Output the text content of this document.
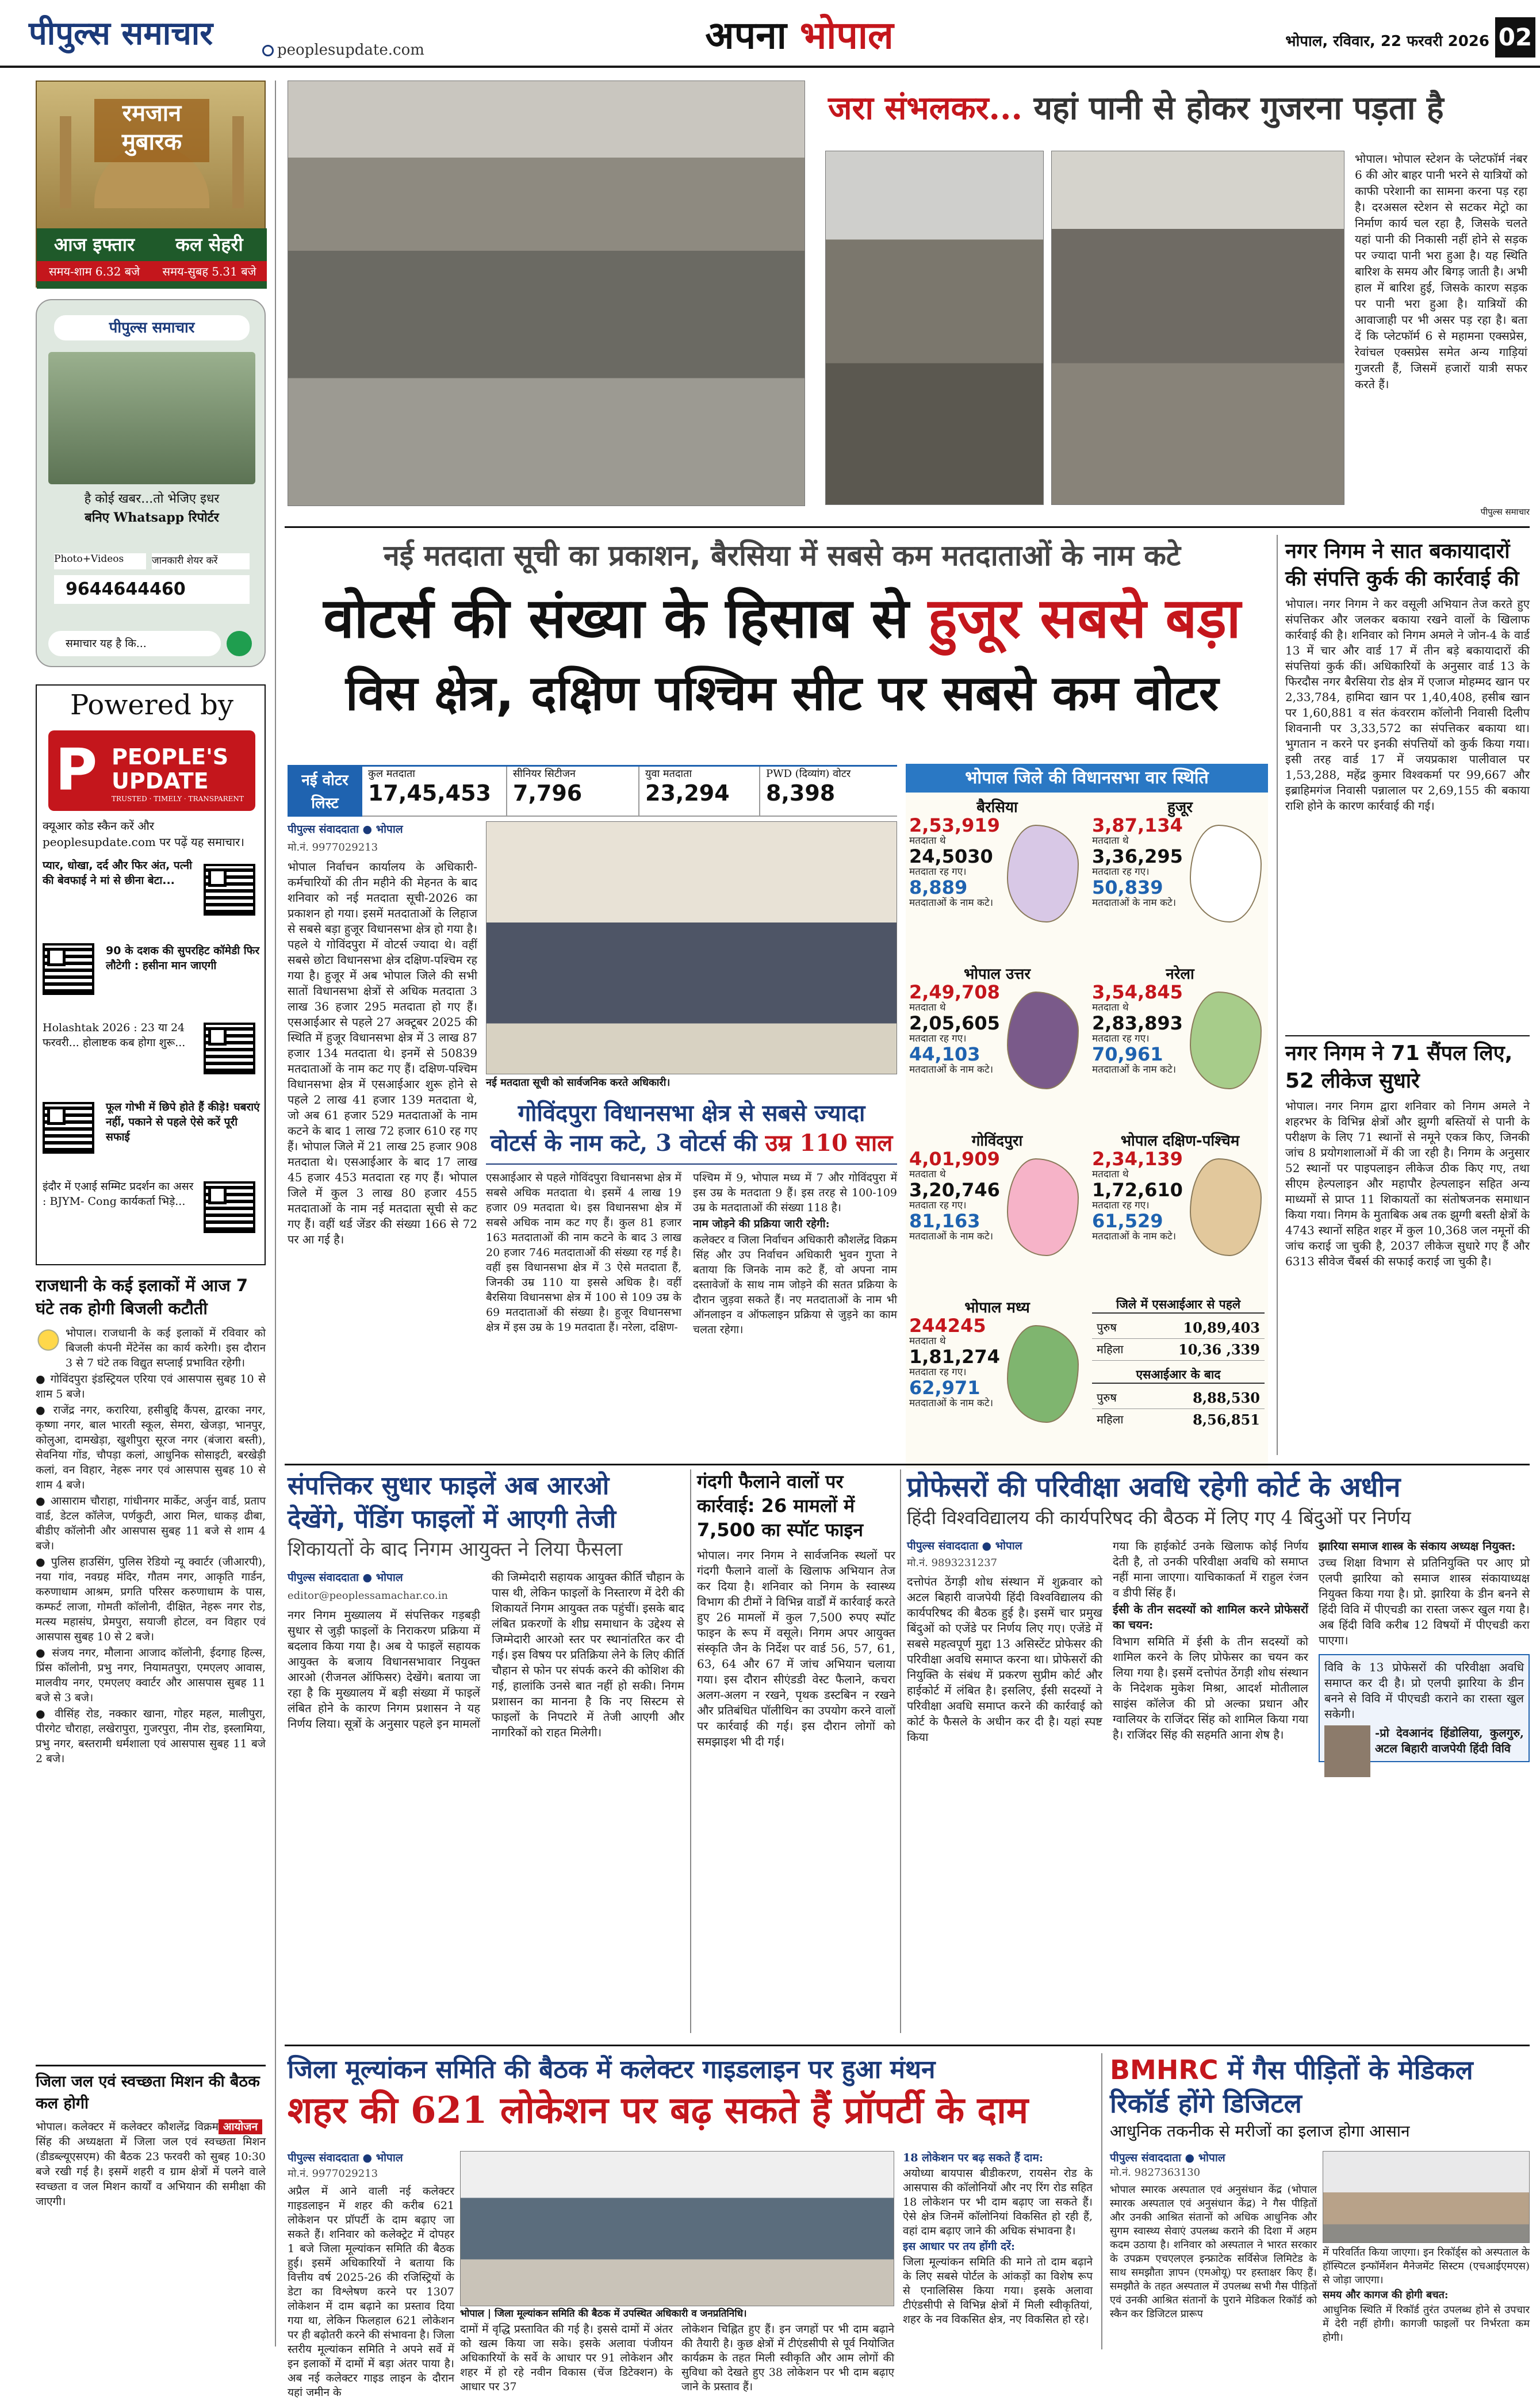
पीपुल्स समाचार	peoplesupdate.com	अपना भोपाल	भोपाल, रविवार, 22 फरवरी 2026 02
रमजान मुबारक
आज इफ्तार
समय-शाम 6.32 बजे
कल सेहरी
समय-सुबह 5.31 बजे
पीपुल्स समाचार
है कोई खबर...तो भेजिए इधर
बनिए Whatsapp रिपोर्टर
Photo+Videos	जानकारी शेयर करें
9644644460
समाचार यह है कि...
Powered by
P PEOPLE'S
UPDATE
TRUSTED · TIMELY · TRANSPARENT
क्यूआर कोड स्कैन करें और
peoplesupdate.com पर पढ़ें यह समाचार।
प्यार, धोखा, दर्द और फिर अंत, पत्नी की बेवफाई ने मां से छीना बेटा...
90 के दशक की सुपरहिट कॉमेडी फिर लौटेगी : हसीना मान जाएगी
Holashtak 2026 : 23 या 24 फरवरी... होलाष्टक कब होगा शुरू...
फूल गोभी में छिपे होते हैं कीड़े! घबराएं नहीं, पकाने से पहले ऐसे करें पूरी सफाई
इंदौर में एआई सम्मिट प्रदर्शन का असर : BJYM- Cong कार्यकर्ता भिड़े...
राजधानी के कई इलाकों में आज 7 घंटे तक होगी बिजली कटौती

भोपाल। राजधानी के कई इलाकों में रविवार को बिजली कंपनी मेंटेनेंस का कार्य करेगी। इस दौरान 3 से 7 घंटे तक विद्युत सप्लाई प्रभावित रहेगी।

● गोविंदपुरा इंडस्ट्रियल एरिया एवं आसपास सुबह 10 से शाम 5 बजे।
● राजेंद्र नगर, करारिया, हसीबुद्दि कैंपस, द्वारका नगर, कृष्णा नगर, बाल भारती स्कूल, सेमरा, खेजड़ा, भानपुर, कोलुआ, दामखेड़ा, खुशीपुरा सूरज नगर (बंजारा बस्ती), सेवनिया गोंड, चौपड़ा कलां, आधुनिक सोसाइटी, बरखेड़ी कलां, वन विहार, नेहरू नगर एवं आसपास सुबह 10 से शाम 4 बजे।
● आसाराम चौराहा, गांधीनगर मार्केट, अर्जुन वार्ड, प्रताप वार्ड, डेटल कॉलेज, पर्णकुटी, आरा मिल, धाकड़ ढीबा, बीडीए कॉलोनी और आसपास सुबह 11 बजे से शाम 4 बजे।
● पुलिस हाउसिंग, पुलिस रेडियो न्यू क्वार्टर (जीआरपी), नया गांव, नवग्रह मंदिर, गौतम नगर, आकृति गार्डन, करुणाधाम आश्रम, प्रगति परिसर करुणाधाम के पास, कम्फर्ट लाजा, गोमती कॉलोनी, दीक्षित, नेहरू नगर रोड, मत्स्य महासंघ, प्रेमपुरा, सयाजी होटल, वन विहार एवं आसपास सुबह 10 से 2 बजे।
● संजय नगर, मौलाना आजाद कॉलोनी, ईदगाह हिल्स, प्रिंस कॉलोनी, प्रभु नगर, नियामतपुरा, एमएलए आवास, मालवीय नगर, एमएलए क्वार्टर और आसपास सुबह 11 बजे से 3 बजे।
● वीसिंह रोड, नक्कार खाना, गोहर महल, मालीपुरा, पीरगेट चौराहा, लखेरापुरा, गुजरपुरा, नीम रोड, इस्लामिया, प्रभु नगर, बस्तरामी धर्मशाला एवं आसपास सुबह 11 बजे 2 बजे।
जिला जल एवं स्वच्छता मिशन की बैठक कल होगी
आयोजन
भोपाल। कलेक्टर में कलेक्टर कौशलेंद्र विक्रम सिंह की अध्यक्षता में जिला जल एवं स्वच्छता मिशन (डीडब्ल्यूएसएम) की बैठक 23 फरवरी को सुबह 10:30 बजे रखी गई है। इसमें शहरी व ग्राम क्षेत्रों में पलने वाले स्वच्छता व जल मिशन कार्यों व अभियान की समीक्षा की जाएगी।
जरा संभलकर... यहां पानी से होकर गुजरना पड़ता है
भोपाल। भोपाल स्टेशन के प्लेटफॉर्म नंबर 6 की ओर बाहर पानी भरने से यात्रियों को काफी परेशानी का सामना करना पड़ रहा है। दरअसल स्टेशन से सटकर मेट्रो का निर्माण कार्य चल रहा है, जिसके चलते यहां पानी की निकासी नहीं होने से सड़क पर ज्यादा पानी भरा हुआ है। यह स्थिति बारिश के समय और बिगड़ जाती है। अभी हाल में बारिश हुई, जिसके कारण सड़क पर पानी भरा हुआ है। यात्रियों की आवाजाही पर भी असर पड़ रहा है। बता दें कि प्लेटफॉर्म 6 से महामना एक्सप्रेस, रेवांचल एक्सप्रेस समेत अन्य गाड़ियां गुजरती हैं, जिसमें हजारों यात्री सफर करते हैं।
पीपुल्स समाचार
नई मतदाता सूची का प्रकाशन, बैरसिया में सबसे कम मतदाताओं के नाम कटे
वोटर्स की संख्या के हिसाब से हुजूर सबसे बड़ा
विस क्षेत्र, दक्षिण पश्चिम सीट पर सबसे कम वोटर
नई वोटर लिस्ट
कुल मतदाता
17,45,453
सीनियर सिटीजन
7,796
युवा मतदाता
23,294
PWD (दिव्यांग) वोटर
8,398
पीपुल्स संवाददाता ● भोपाल
मो.नं. 9977029213

भोपाल निर्वाचन कार्यालय के अधिकारी-कर्मचारियों की तीन महीने की मेहनत के बाद शनिवार को नई मतदाता सूची-2026 का प्रकाशन हो गया। इसमें मतदाताओं के लिहाज से सबसे बड़ा हुजूर विधानसभा क्षेत्र हो गया है। पहले ये गोविंदपुरा में वोटर्स ज्यादा थे। वहीं सबसे छोटा विधानसभा क्षेत्र दक्षिण-पश्चिम रह गया है। हुजूर में अब भोपाल जिले की सभी सातों विधानसभा क्षेत्रों से अधिक मतदाता 3 लाख 36 हजार 295 मतदाता हो गए हैं। एसआईआर से पहले 27 अक्टूबर 2025 की स्थिति में हुजूर विधानसभा क्षेत्र में 3 लाख 87 हजार 134 मतदाता थे। इनमें से 50839 मतदाताओं के नाम कट गए हैं। दक्षिण-पश्चिम विधानसभा क्षेत्र में एसआईआर शुरू होने से पहले 2 लाख 41 हजार 139 मतदाता थे, जो अब 61 हजार 529 मतदाताओं के नाम कटने के बाद 1 लाख 72 हजार 610 रह गए हैं। भोपाल जिले में 21 लाख 25 हजार 908 मतदाता थे। एसआईआर के बाद 17 लाख 45 हजार 453 मतदाता रह गए हैं। भोपाल जिले में कुल 3 लाख 80 हजार 455 मतदाताओं के नाम नई मतदाता सूची से कट गए हैं। वहीं थर्ड जेंडर की संख्या 166 से 72 पर आ गई है।

नई मतदाता सूची को सार्वजनिक करते अधिकारी।
गोविंदपुरा विधानसभा क्षेत्र से सबसे ज्यादा
वोटर्स के नाम कटे, 3 वोटर्स की उम्र 110 साल
एसआईआर से पहले गोविंदपुरा विधानसभा क्षेत्र में सबसे अधिक मतदाता थे। इसमें 4 लाख 19 हजार 09 मतदाता थे। इस विधानसभा क्षेत्र में सबसे अधिक नाम कट गए हैं। कुल 81 हजार 163 मतदाताओं की नाम कटने के बाद 3 लाख 20 हजार 746 मतदाताओं की संख्या रह गई है। वहीं इस विधानसभा क्षेत्र में 3 ऐसे मतदाता हैं, जिनकी उम्र 110 या इससे अधिक है। वहीं बैरसिया विधानसभा क्षेत्र में 100 से 109 उम्र के 69 मतदाताओं की संख्या है। हुजूर विधानसभा क्षेत्र में इस उम्र के 19 मतदाता हैं। नरेला, दक्षिण-

पश्चिम में 9, भोपाल मध्य में 7 और गोविंदपुरा में इस उम्र के मतदाता 9 हैं। इस तरह से 100-109 उम्र के मतदाताओं की संख्या 118 है।

नाम जोड़ने की प्रक्रिया जारी रहेगी:

कलेक्टर व जिला निर्वाचन अधिकारी कौशलेंद्र विक्रम सिंह और उप निर्वाचन अधिकारी भुवन गुप्ता ने बताया कि जिनके नाम कटे हैं, वो अपना नाम दस्तावेजों के साथ नाम जोड़ने की सतत प्रक्रिया के दौरान जुड़वा सकते हैं। नए मतदाताओं के नाम भी ऑनलाइन व ऑफलाइन प्रक्रिया से जुड़ने का काम चलता रहेगा।

भोपाल जिले की विधानसभा वार स्थिति
बैरसिया
2,53,919
मतदाता थे
24,5030
मतदाता रह गए।
8,889
मतदाताओं के नाम कटे।
हुजूर
3,87,134
मतदाता थे
3,36,295
मतदाता रह गए।
50,839
मतदाताओं के नाम कटे।
भोपाल उत्तर
2,49,708
मतदाता थे
2,05,605
मतदाता रह गए।
44,103
मतदाताओं के नाम कटे।
नरेला
3,54,845
मतदाता थे
2,83,893
मतदाता रह गए।
70,961
मतदाताओं के नाम कटे।
गोविंदपुरा
4,01,909
मतदाता थे
3,20,746
मतदाता रह गए।
81,163
मतदाताओं के नाम कटे।
भोपाल दक्षिण-पश्चिम
2,34,139
मतदाता थे
1,72,610
मतदाता रह गए।
61,529
मतदाताओं के नाम कटे।
भोपाल मध्य
244245
मतदाता थे
1,81,274
मतदाता रह गए।
62,971
मतदाताओं के नाम कटे।
जिले में एसआईआर से पहले
पुरुष	10,89,403
महिला	10,36 ,339
एसआईआर के बाद
पुरुष	8,88,530
महिला	8,56,851
नगर निगम ने सात बकायादारों की संपत्ति कुर्क की कार्रवाई की
भोपाल। नगर निगम ने कर वसूली अभियान तेज करते हुए संपत्तिकर और जलकर बकाया रखने वालों के खिलाफ कार्रवाई की है। शनिवार को निगम अमले ने जोन-4 के वार्ड 13 में चार और वार्ड 17 में तीन बड़े बकायादारों की संपत्तियां कुर्क कीं। अधिकारियों के अनुसार वार्ड 13 के फिरदौस नगर बैरसिया रोड क्षेत्र में एजाज मोहम्मद खान पर 2,33,784, हामिदा खान पर 1,40,408, हसीब खान पर 1,60,881 व संत कंवरराम कॉलोनी निवासी दिलीप शिवनानी पर 3,33,572 का संपत्तिकर बकाया था। भुगतान न करने पर इनकी संपत्तियों को कुर्क किया गया। इसी तरह वार्ड 17 में जयप्रकाश पालीवाल पर 1,53,288, महेंद्र कुमार विश्वकर्मा पर 99,667 और इब्राहिमगंज निवासी पन्नालाल पर 2,69,155 की बकाया राशि होने के कारण कार्रवाई की गई।
नगर निगम ने 71 सैंपल लिए, 52 लीकेज सुधारे
भोपाल। नगर निगम द्वारा शनिवार को निगम अमले ने शहरभर के विभिन्न क्षेत्रों और झुग्गी बस्तियों से पानी के परीक्षण के लिए 71 स्थानों से नमूने एकत्र किए, जिनकी जांच 8 प्रयोगशालाओं में की जा रही है। निगम के अनुसार 52 स्थानों पर पाइपलाइन लीकेज ठीक किए गए, तथा सीएम हेल्पलाइन और महापौर हेल्पलाइन सहित अन्य माध्यमों से प्राप्त 11 शिकायतों का संतोषजनक समाधान किया गया। निगम के मुताबिक अब तक झुग्गी बस्ती क्षेत्रों के 4743 स्थानों सहित शहर में कुल 10,368 जल नमूनों की जांच कराई जा चुकी है, 2037 लीकेज सुधारे गए हैं और 6313 सीवेज चैंबर्स की सफाई कराई जा चुकी है।
संपत्तिकर सुधार फाइलें अब आरओ
देखेंगे, पेंडिंग फाइलों में आएगी तेजी
शिकायतों के बाद निगम आयुक्त ने लिया फैसला
पीपुल्स संवाददाता ● भोपाल
editor@peoplessamachar.co.in

नगर निगम मुख्यालय में संपत्तिकर गड़बड़ी सुधार से जुड़ी फाइलों के निराकरण प्रक्रिया में बदलाव किया गया है। अब ये फाइलें सहायक आयुक्त के बजाय विधानसभावार नियुक्त आरओ (रीजनल ऑफिसर) देखेंगे। बताया जा रहा है कि मुख्यालय में बड़ी संख्या में फाइलें लंबित होने के कारण निगम प्रशासन ने यह निर्णय लिया। सूत्रों के अनुसार पहले इन मामलों की जिम्मेदारी सहायक आयुक्त कीर्ति चौहान के पास थी, लेकिन फाइलों के निस्तारण में देरी की शिकायतें निगम आयुक्त तक पहुंचीं। इसके बाद लंबित प्रकरणों के शीघ्र समाधान के उद्देश्य से जिम्मेदारी आरओ स्तर पर स्थानांतरित कर दी गई। इस विषय पर प्रतिक्रिया लेने के लिए कीर्ति चौहान से फोन पर संपर्क करने की कोशिश की गई, हालांकि उनसे बात नहीं हो सकी। निगम प्रशासन का मानना है कि नए सिस्टम से फाइलों के निपटारे में तेजी आएगी और नागरिकों को राहत मिलेगी।

गंदगी फैलाने वालों पर कार्रवाई: 26 मामलों में 7,500 का स्पॉट फाइन
भोपाल। नगर निगम ने सार्वजनिक स्थलों पर गंदगी फैलाने वालों के खिलाफ अभियान तेज कर दिया है। शनिवार को निगम के स्वास्थ्य विभाग की टीमों ने विभिन्न वार्डों में कार्रवाई करते हुए 26 मामलों में कुल 7,500 रुपए स्पॉट फाइन के रूप में वसूले। निगम अपर आयुक्त संस्कृति जैन के निर्देश पर वार्ड 56, 57, 61, 63, 64 और 67 में जांच अभियान चलाया गया। इस दौरान सीएंडडी वेस्ट फैलाने, कचरा अलग-अलग न रखने, पृथक डस्टबिन न रखने और प्रतिबंधित पॉलीथिन का उपयोग करने वालों पर कार्रवाई की गई। इस दौरान लोगों को समझाइश भी दी गई।
प्रोफेसरों की परिवीक्षा अवधि रहेगी कोर्ट के अधीन
हिंदी विश्वविद्यालय की कार्यपरिषद की बैठक में लिए गए 4 बिंदुओं पर निर्णय
पीपुल्स संवाददाता ● भोपाल
मो.नं. 9893231237

दत्तोपंत ठेंगड़ी शोध संस्थान में शुक्रवार को अटल बिहारी वाजपेयी हिंदी विश्वविद्यालय की कार्यपरिषद की बैठक हुई है। इसमें चार प्रमुख बिंदुओं को एजेंडे पर निर्णय लिए गए। एजेंडे में सबसे महत्वपूर्ण मुद्दा 13 असिस्टेंट प्रोफेसर की परिवीक्षा अवधि समाप्त करना था। प्रोफेसरों की नियुक्ति के संबंध में प्रकरण सुप्रीम कोर्ट और हाईकोर्ट में लंबित है। इसलिए, ईसी सदस्यों ने परिवीक्षा अवधि समाप्त करने की कार्रवाई को कोर्ट के फैसले के अधीन कर दी है। यहां स्पष्ट किया

गया कि हाईकोर्ट उनके खिलाफ कोई निर्णय देती है, तो उनकी परिवीक्षा अवधि को समाप्त नहीं माना जाएगा। याचिकाकर्ता में राहुल रंजन व डीपी सिंह हैं।

ईसी के तीन सदस्यों को शामिल करने प्रोफेसरों का चयन:

विभाग समिति में ईसी के तीन सदस्यों को शामिल करने के लिए प्रोफेसर का चयन कर लिया गया है। इसमें दत्तोपंत ठेंगड़ी शोध संस्थान के निदेशक मुकेश मिश्रा, आदर्श मोतीलाल साइंस कॉलेज की प्रो अल्का प्रधान और ग्वालियर के राजिंदर सिंह को शामिल किया गया है। राजिंदर सिंह की सहमति आना शेष है।

झारिया समाज शास्त्र के संकाय अध्यक्ष नियुक्त:

उच्च शिक्षा विभाग से प्रतिनियुक्ति पर आए प्रो एलपी झारिया को समाज शास्त्र संकायाध्यक्ष नियुक्त किया गया है। प्रो. झारिया के डीन बनने से हिंदी विवि में पीएचडी का रास्ता जरूर खुल गया है। अब हिंदी विवि करीब 12 विषयों में पीएचडी करा पाएगा।

विवि के 13 प्रोफेसरों की परिवीक्षा अवधि समाप्त कर दी है। प्रो एलपी झारिया के डीन बनने से विवि में पीएचडी कराने का रास्ता खुल सकेगी।
-प्रो देवआनंद हिंडोलिया, कुलगुरु, अटल बिहारी वाजपेयी हिंदी विवि
जिला मूल्यांकन समिति की बैठक में कलेक्टर गाइडलाइन पर हुआ मंथन
शहर की 621 लोकेशन पर बढ़ सकते हैं प्रॉपर्टी के दाम
पीपुल्स संवाददाता ● भोपाल
मो.नं. 9977029213

अप्रैल में आने वाली नई कलेक्टर गाइडलाइन में शहर की करीब 621 लोकेशन पर प्रॉपर्टी के दाम बढ़ाए जा सकते हैं। शनिवार को कलेक्ट्रेट में दोपहर 1 बजे जिला मूल्यांकन समिति की बैठक हुई। इसमें अधिकारियों ने बताया कि वित्तीय वर्ष 2025-26 की रजिस्ट्रियों के डेटा का विश्लेषण करने पर 1307 लोकेशन में दाम बढ़ाने का प्रस्ताव दिया गया था, लेकिन फिलहाल 621 लोकेशन पर ही बढ़ोतरी करने की संभावना है। जिला स्तरीय मूल्यांकन समिति ने अपने सर्वे में इन इलाकों में दामों में बड़ा अंतर पाया है। अब नई कलेक्टर गाइड लाइन के दौरान यहां जमीन के

भोपाल | जिला मूल्यांकन समिति की बैठक में उपस्थित अधिकारी व जनप्रतिनिधि।
दामों में वृद्धि प्रस्तावित की गई है। इससे दामों में अंतर को खत्म किया जा सके। इसके अलावा पंजीयन अधिकारियों के सर्वे के आधार पर 91 लोकेशन और शहर में हो रहे नवीन विकास (चेंज डिटेक्शन) के आधार पर 37
लोकेशन चिह्नित हुए हैं। इन जगहों पर भी दाम बढ़ाने की तैयारी है। कुछ क्षेत्रों में टीएंडसीपी से पूर्व नियोजित कार्यक्रम के तहत मिली स्वीकृति और आम लोगों की सुविधा को देखते हुए 38 लोकेशन पर भी दाम बढ़ाए जाने के प्रस्ताव हैं।

18 लोकेशन पर बढ़ सकते हैं दाम:

अयोध्या बायपास बीडीकरण, रायसेन रोड के आसपास की कॉलोनियों और नए रिंग रोड सहित 18 लोकेशन पर भी दाम बढ़ाए जा सकते हैं। ऐसे क्षेत्र जिनमें कॉलोनियां विकसित हो रही हैं, वहां दाम बढ़ाए जाने की अधिक संभावना है।

इस आधार पर तय होंगी दरें:

जिला मूल्यांकन समिति की माने तो दाम बढ़ाने के लिए सबसे पोर्टल के आंकड़ों का विशेष रूप से एनालिसिस किया गया। इसके अलावा टीएंडसीपी से विभिन्न क्षेत्रों में मिली स्वीकृतियां, शहर के नव विकसित क्षेत्र, नए विकसित हो रहे।

BMHRC में गैस पीड़ितों के मेडिकल रिकॉर्ड होंगे डिजिटल
आधुनिक तकनीक से मरीजों का इलाज होगा आसान
पीपुल्स संवाददाता ● भोपाल
मो.नं. 9827363130

भोपाल स्मारक अस्पताल एवं अनुसंधान केंद्र (भोपाल स्मारक अस्पताल एवं अनुसंधान केंद्र) ने गैस पीड़ितों और उनकी आश्रित संतानों को अधिक आधुनिक और सुगम स्वास्थ्य सेवाएं उपलब्ध कराने की दिशा में अहम कदम उठाया है। शनिवार को अस्पताल ने भारत सरकार के उपक्रम एचएलएल इन्फ्राटेक सर्विसेज लिमिटेड के साथ समझौता ज्ञापन (एमओयू) पर हस्ताक्षर किए हैं। समझौते के तहत अस्पताल में उपलब्ध सभी गैस पीड़ितों एवं उनकी आश्रित संतानों के पुराने मेडिकल रिकॉर्ड को स्कैन कर डिजिटल प्रारूप

में परिवर्तित किया जाएगा। इन रिकॉर्ड्स को अस्पताल के हॉस्पिटल इन्फॉर्मेशन मैनेजमेंट सिस्टम (एचआईएमएस) से जोड़ा जाएगा।

समय और कागज की होगी बचत:

आधुनिक स्थिति में रिकॉर्ड तुरंत उपलब्ध होने से उपचार में देरी नहीं होगी। कागजी फाइलों पर निर्भरता कम होगी।
